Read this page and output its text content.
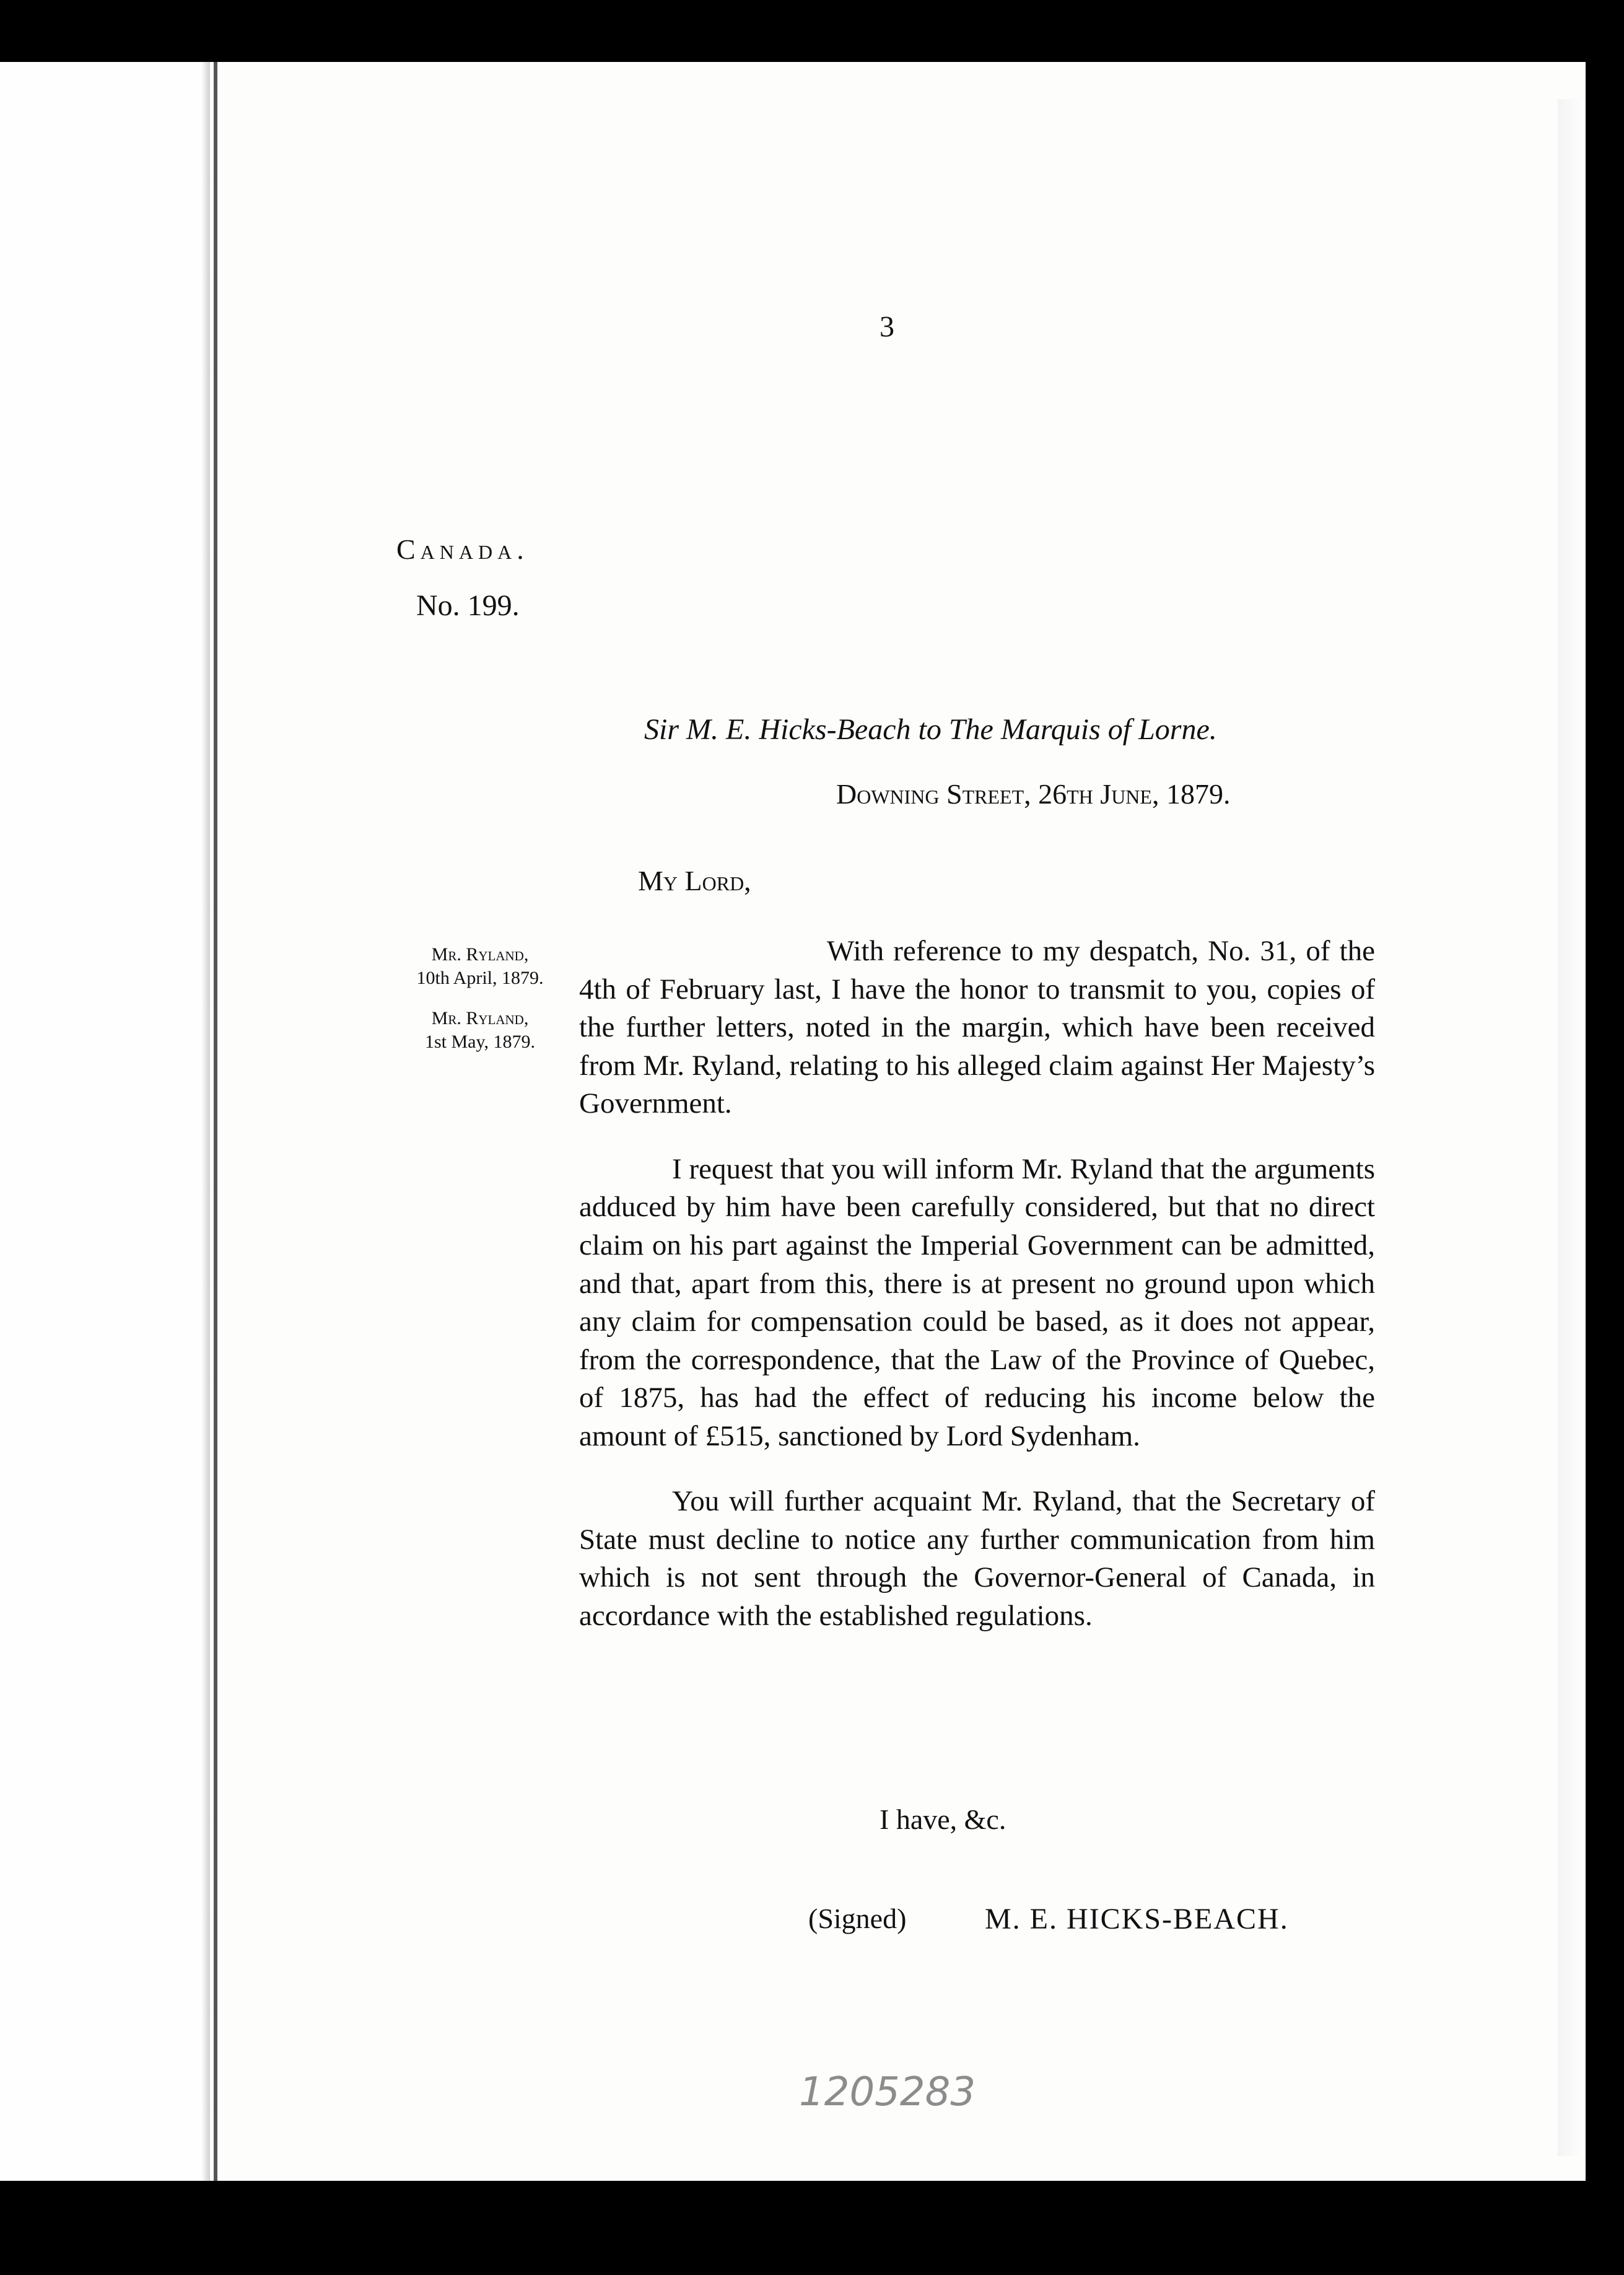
3
Canada.
No. 199.
Sir M. E. Hicks-Beach to The Marquis of Lorne.
Downing Street, 26th June, 1879.
My Lord,
Mr. Ryland,
10th April, 1879.
Mr. Ryland,
1st May, 1879.

With reference to my despatch, No. 31, of the 4th of February last, I have the honor to transmit to you, copies of the further letters, noted in the margin, which have been received from Mr. Ryland, relating to his alleged claim against Her Majesty’s Government.

I request that you will inform Mr. Ryland that the arguments adduced by him have been carefully considered, but that no direct claim on his part against the Imperial Government can be admitted, and that, apart from this, there is at present no ground upon which any claim for compensation could be based, as it does not appear, from the correspondence, that the Law of the Province of Quebec, of 1875, has had the effect of reducing his income below the amount of £515, sanctioned by Lord Sydenham.

You will further acquaint Mr. Ryland, that the Secretary of State must decline to notice any further communication from him which is not sent through the Governor-General of Canada, in accordance with the established regulations.

I have, &c.
(Signed)	M. E. HICKS-BEACH.
1205283
